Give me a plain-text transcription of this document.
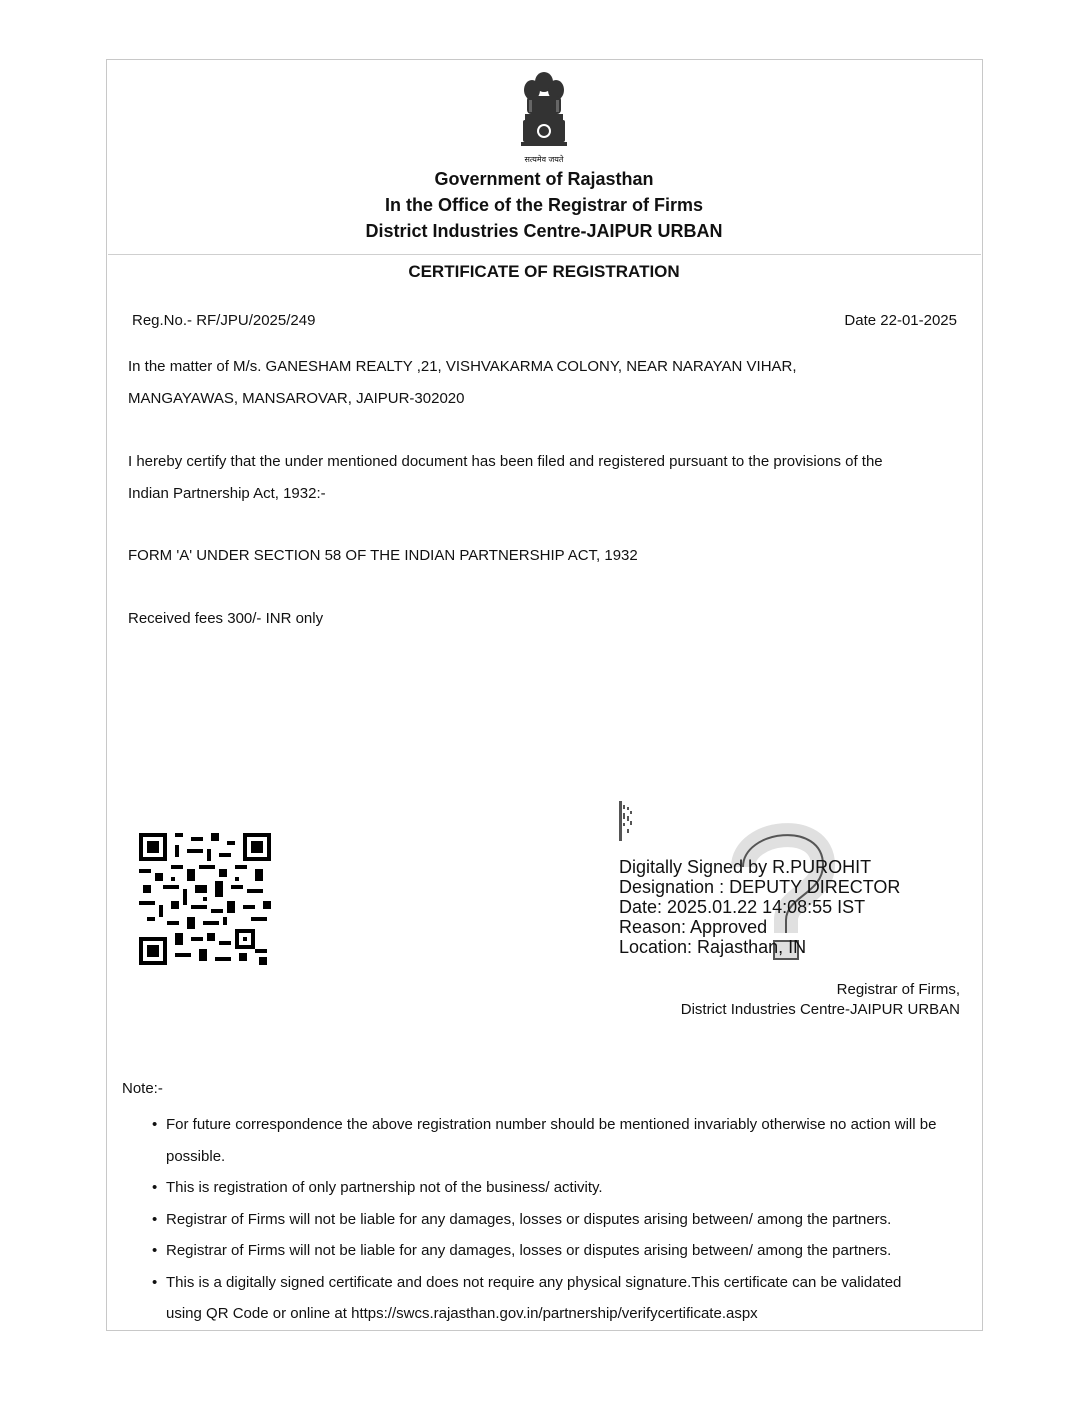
सत्यमेव जयते
Government of Rajasthan
In the Office of the Registrar of Firms
District Industries Centre-JAIPUR URBAN
CERTIFICATE OF REGISTRATION
Reg.No.- RF/JPU/2025/249	Date 22-01-2025
In the matter of M/s. GANESHAM REALTY ,21, VISHVAKARMA COLONY, NEAR NARAYAN VIHAR,
MANGAYAWAS, MANSAROVAR, JAIPUR-302020
I hereby certify that the under mentioned document has been filed and registered pursuant to the provisions of the
Indian Partnership Act, 1932:-
FORM 'A' UNDER SECTION 58 OF THE INDIAN PARTNERSHIP ACT, 1932
Received fees 300/- INR only
Digitally Signed by R.PUROHIT
Designation : DEPUTY DIRECTOR
Date: 2025.01.22 14:08:55 IST
Reason: Approved
Location: Rajasthan, IN
Registrar of Firms,
District Industries Centre-JAIPUR URBAN
Note:-
• For future correspondence the above registration number should be mentioned invariably otherwise no action will be possible.
• This is registration of only partnership not of the business/ activity.
• Registrar of Firms will not be liable for any damages, losses or disputes arising between/ among the partners.
• Registrar of Firms will not be liable for any damages, losses or disputes arising between/ among the partners.
• This is a digitally signed certificate and does not require any physical signature.This certificate can be validated using QR Code or online at https://swcs.rajasthan.gov.in/partnership/verifycertificate.aspx
